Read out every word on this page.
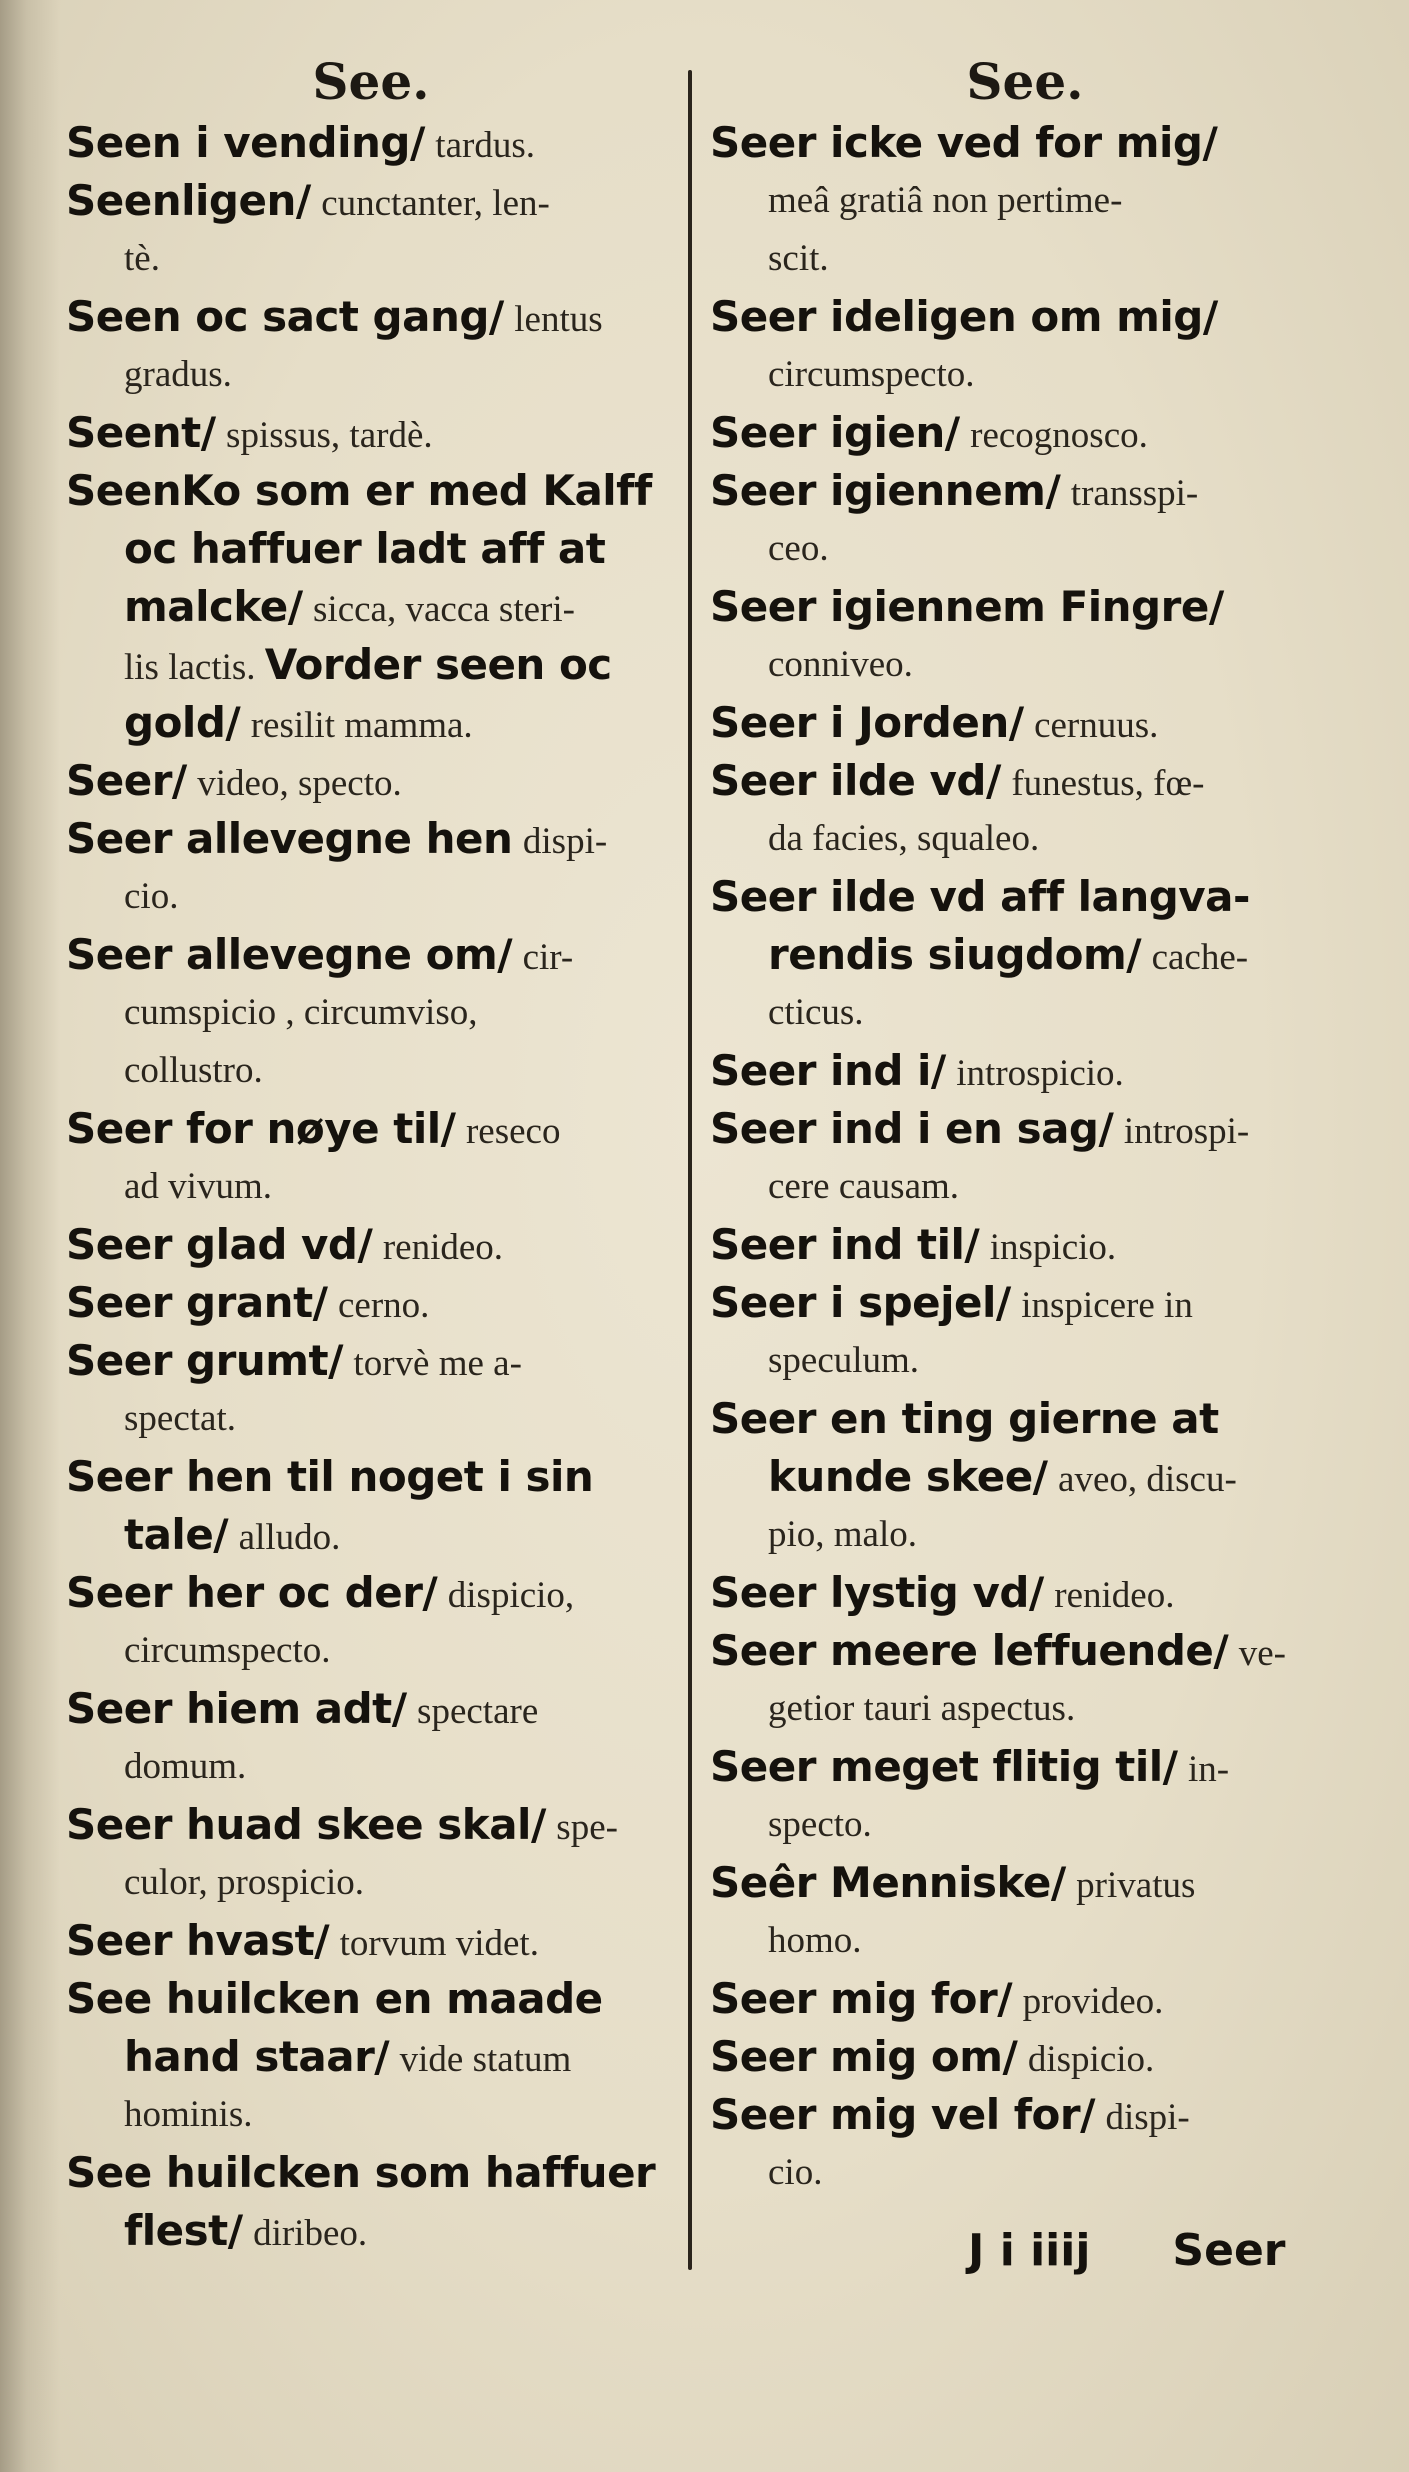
See.
Seen i vending/ tardus.
Seenligen/ cunctanter, len-
tè.
Seen oc sact gang/ lentus
gradus.
Seent/ spissus, tardè.
SeenKo som er med Kalff
oc haffuer ladt aff at
malcke/ sicca, vacca steri-
lis lactis. Vorder seen oc
gold/ resilit mamma.
Seer/ video, specto.
Seer allevegne hen dispi-
cio.
Seer allevegne om/ cir-
cumspicio , circumviso,
collustro.
Seer for nøye til/ reseco
ad vivum.
Seer glad vd/ renideo.
Seer grant/ cerno.
Seer grumt/ torvè me a-
spectat.
Seer hen til noget i sin
tale/ alludo.
Seer her oc der/ dispicio,
circumspecto.
Seer hiem adt/ spectare
domum.
Seer huad skee skal/ spe-
culor, prospicio.
Seer hvast/ torvum videt.
See huilcken en maade
hand staar/ vide statum
hominis.
See huilcken som haffuer
flest/ diribeo.
See.
Seer icke ved for mig/
meâ gratiâ non pertime-
scit.
Seer ideligen om mig/
circumspecto.
Seer igien/ recognosco.
Seer igiennem/ transspi-
ceo.
Seer igiennem Fingre/
conniveo.
Seer i Jorden/ cernuus.
Seer ilde vd/ funestus, fœ-
da facies, squaleo.
Seer ilde vd aff langva-
rendis siugdom/ cache-
cticus.
Seer ind i/ introspicio.
Seer ind i en sag/ introspi-
cere causam.
Seer ind til/ inspicio.
Seer i spejel/ inspicere in
speculum.
Seer en ting gierne at
kunde skee/ aveo, discu-
pio, malo.
Seer lystig vd/ renideo.
Seer meere leffuende/ ve-
getior tauri aspectus.
Seer meget flitig til/ in-
specto.
Seêr Menniske/ privatus
homo.
Seer mig for/ provideo.
Seer mig om/ dispicio.
Seer mig vel for/ dispi-
cio.
J i iiij Seer
